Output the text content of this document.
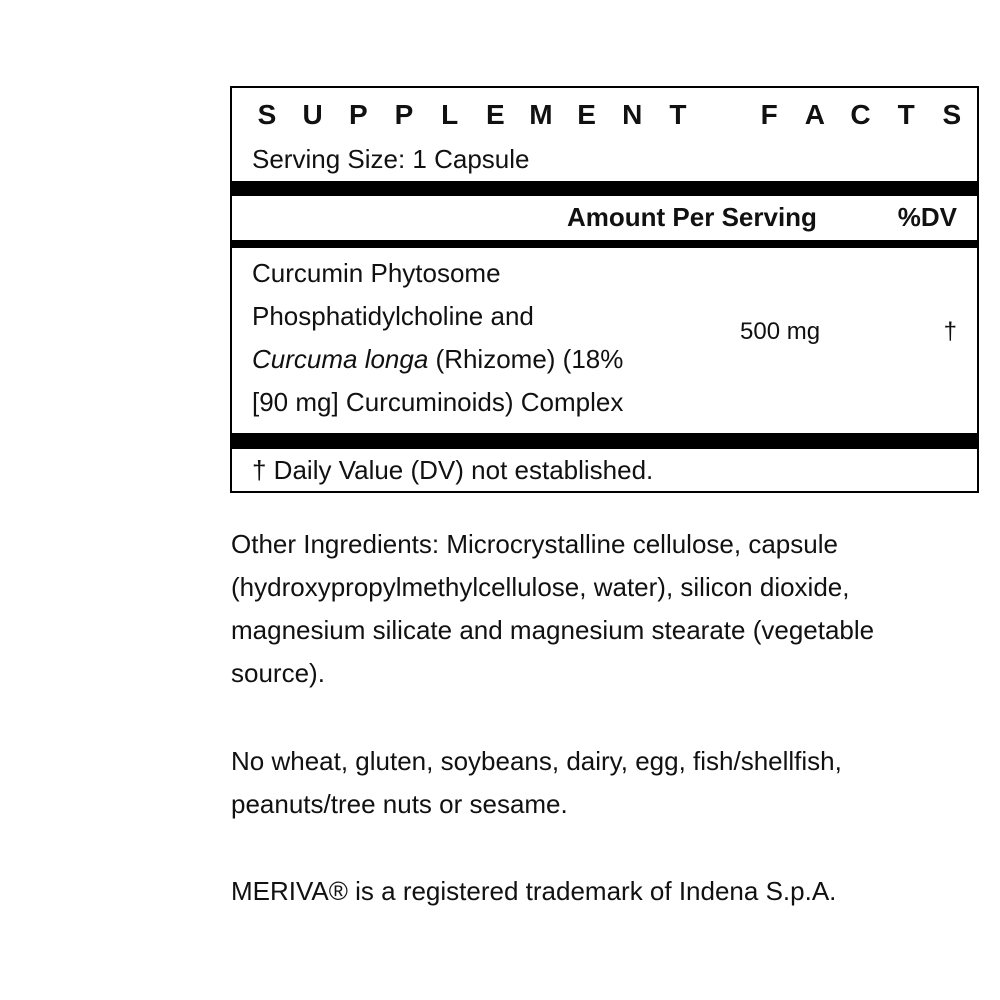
S U P P L E M E N T	F A C T S
Serving Size: 1 Capsule
Amount Per Serving	%DV
Curcumin Phytosome
Phosphatidylcholine and
Curcuma longa (Rhizome) (18%
[90 mg] Curcuminoids) Complex
500 mg	†
† Daily Value (DV) not established.
Other Ingredients: Microcrystalline cellulose, capsule (hydroxypropylmethylcellulose, water), silicon dioxide, magnesium silicate and magnesium stearate (vegetable source).
No wheat, gluten, soybeans, dairy, egg, fish/shellfish, peanuts/tree nuts or sesame.
MERIVA® is a registered trademark of Indena S.p.A.
